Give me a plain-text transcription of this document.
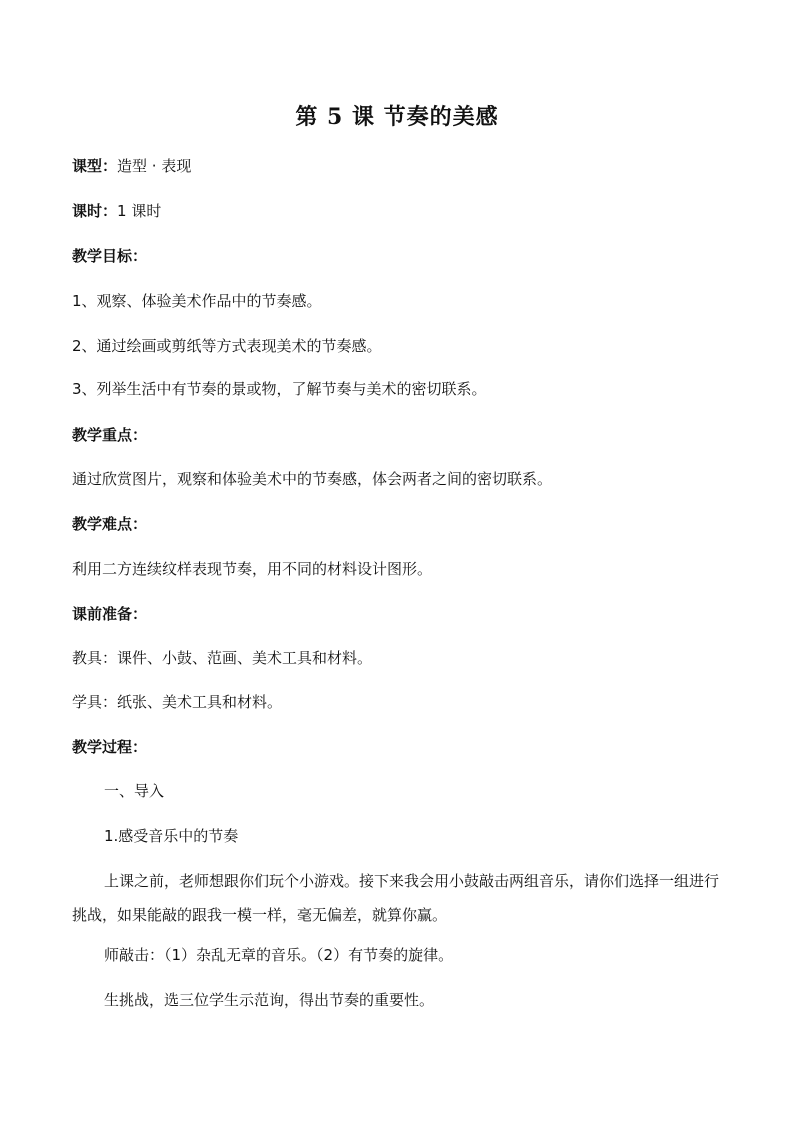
第 5 课 节奏的美感
课型：造型 · 表现
课时：1 课时
教学目标：
1、观察、体验美术作品中的节奏感。
2、通过绘画或剪纸等方式表现美术的节奏感。
3、列举生活中有节奏的景或物，了解节奏与美术的密切联系。
教学重点：
通过欣赏图片，观察和体验美术中的节奏感，体会两者之间的密切联系。
教学难点：
利用二方连续纹样表现节奏，用不同的材料设计图形。
课前准备：
教具：课件、小鼓、范画、美术工具和材料。
学具：纸张、美术工具和材料。
教学过程：
一、导入
1.感受音乐中的节奏
上课之前，老师想跟你们玩个小游戏。接下来我会用小鼓敲击两组音乐，请你们选择一组进行挑战，如果能敲的跟我一模一样，毫无偏差，就算你赢。
师敲击：（1）杂乱无章的音乐。（2）有节奏的旋律。
生挑战，选三位学生示范询，得出节奏的重要性。
